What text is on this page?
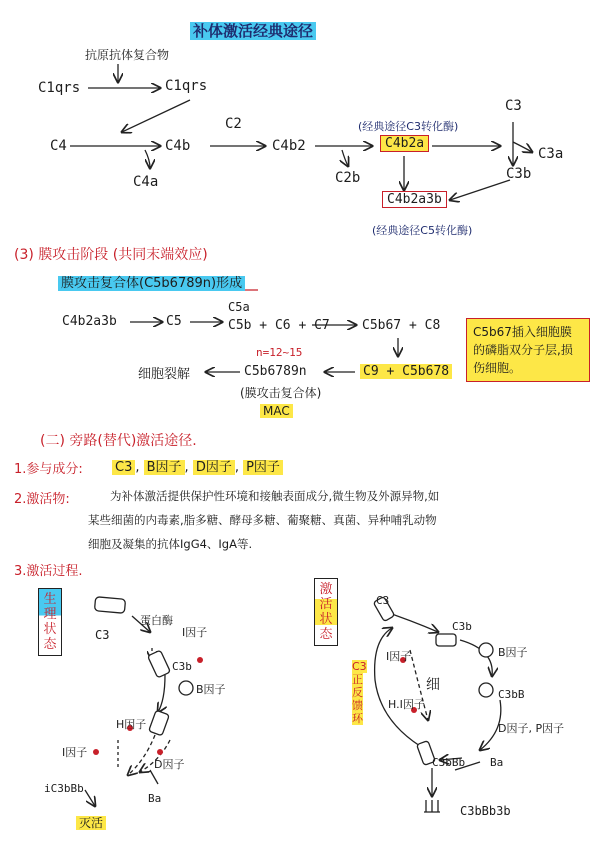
补体激活经典途径
抗原抗体复合物
C1qrs	C1qrs
C4	C4b
C4a
C2
C4b2
C2b
(经典途径C3转化酶)
C4b2a
C4b2a3b
(经典途径C5转化酶)
C3
C3a
C3b
(3) 膜攻击阶段 (共同末端效应)
膜攻击复合体(C5b6789n)形成
C4b2a3b	C5
C5a
C5b + C6 + C7 C5b67 + C8
n=12~15
C5b6789n	C9 + C5b678
细胞裂解
(膜攻击复合体)
MAC
C5b67插入细胞膜的磷脂双分子层,损伤细胞。
(二) 旁路(替代)激活途径.
1.参与成分: C3 , B因子 , D因子 , P因子
2.激活物:	为补体激活提供保护性环境和接触表面成分,微生物及外源异物,如
某些细菌的内毒素,脂多糖、酵母多糖、葡聚糖、真菌、异种哺乳动物
细胞及凝集的抗体IgG4、IgA等.
3.激活过程.
生理状态
C3
蛋白酶
I因子
C3b
B因子
H因子
I因子
D因子
iC3bBb
Ba
灭活
激活状态
C3
C3b
B因子
I因子
C3正反馈环
细
H.I因子
C3bB
D因子, P因子
C3bBb Ba
C3bBb3b
